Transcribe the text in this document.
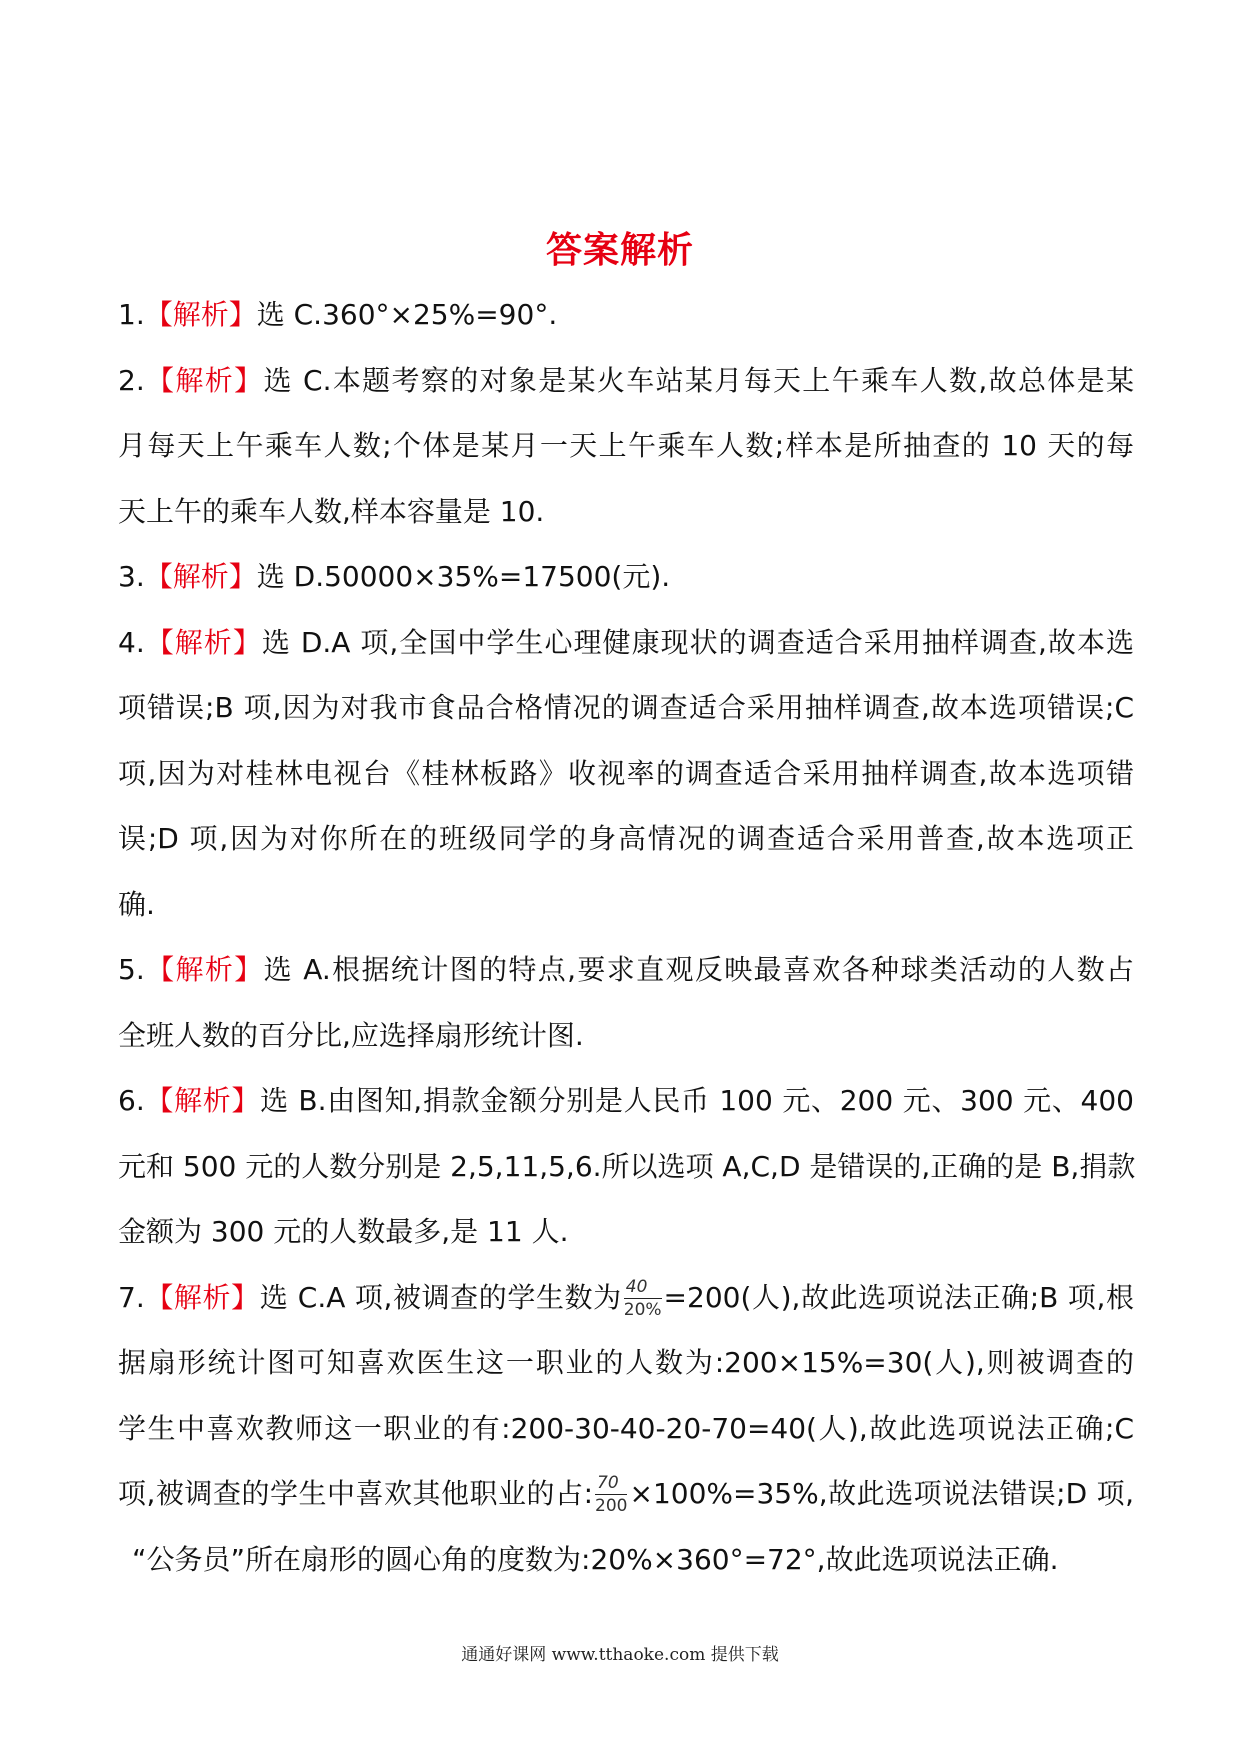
答案解析
1.【解析】选 C.360°×25%=90°.
2.【解析】选 C.本题考察的对象是某火车站某月每天上午乘车人数,故总体是某
月每天上午乘车人数;个体是某月一天上午乘车人数;样本是所抽查的 10 天的每
天上午的乘车人数,样本容量是 10.
3.【解析】选 D.50000×35%=17500(元).
4.【解析】选 D.A 项,全国中学生心理健康现状的调查适合采用抽样调查,故本选
项错误;B 项,因为对我市食品合格情况的调查适合采用抽样调查,故本选项错误;C
项,因为对桂林电视台《桂林板路》收视率的调查适合采用抽样调查,故本选项错
误;D 项,因为对你所在的班级同学的身高情况的调查适合采用普查,故本选项正
确.
5.【解析】选 A.根据统计图的特点,要求直观反映最喜欢各种球类活动的人数占
全班人数的百分比,应选择扇形统计图.
6.【解析】选 B.由图知,捐款金额分别是人民币 100 元、200 元、300 元、400
元和 500 元的人数分别是 2,5,11,5,6.所以选项 A,C,D 是错误的,正确的是 B,捐款
金额为 300 元的人数最多,是 11 人.
7.【解析】选 C.A 项,被调查的学生数为 $\frac{40}{20\%} =200$(人),故此选项说法正确;B 项,根
据扇形统计图可知喜欢医生这一职业的人数为:200×15%=30(人),则被调查的
学生中喜欢教师这一职业的有:200-30-40-20-70=40(人),故此选项说法正确;C
项,被调查的学生中喜欢其他职业的占: $\frac{70}{200} \times 100\%=35\%$,故此选项说法错误;D 项,
“公务员”所在扇形的圆心角的度数为:20%×360°=72°,故此选项说法正确.
通通好课网 www.tthaoke.com 提供下载
